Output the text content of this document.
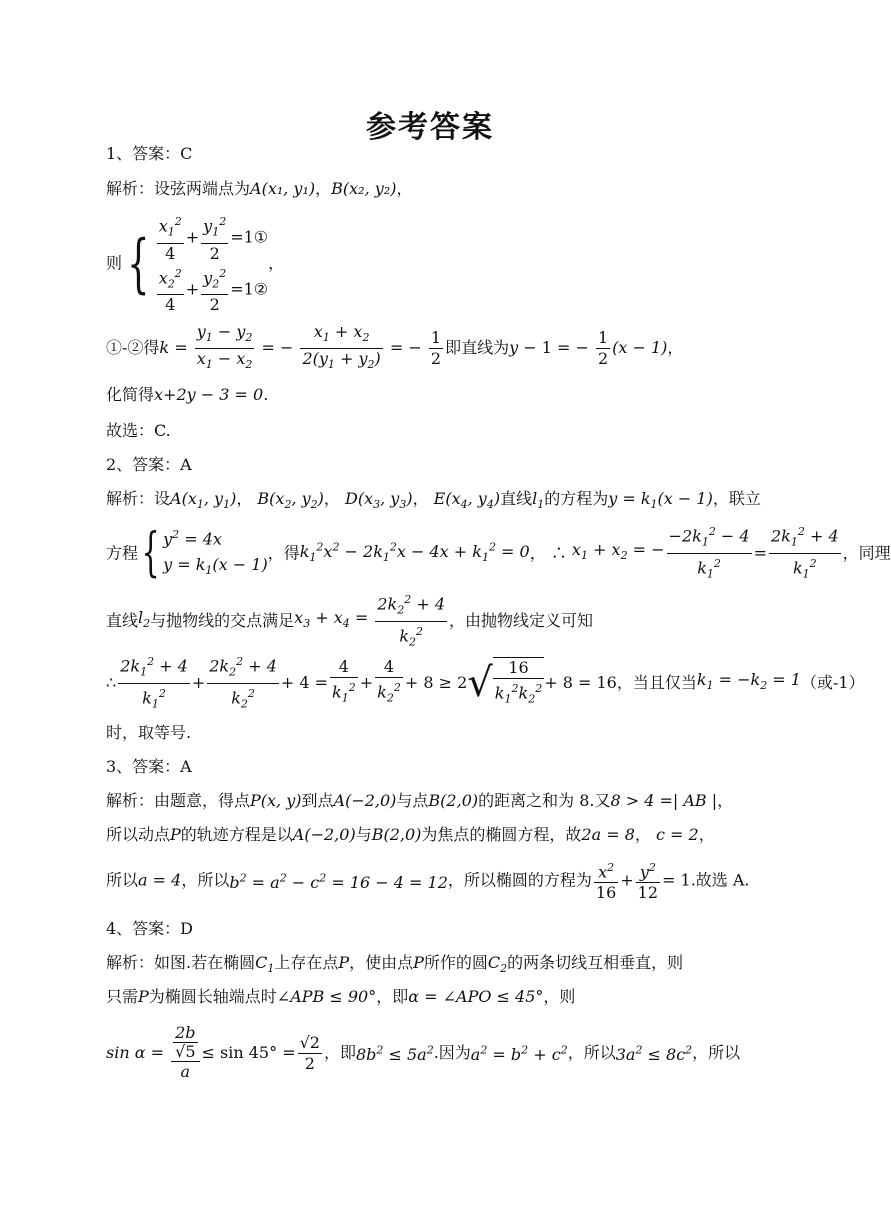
参考答案
1、答案：C
解析：设弦两端点为A(x₁, y₁)，B(x₂, y₂)，
则{ $\frac{x_1^2}{4} + \frac{y_1^2}{2}$ =1①
$\frac{x_2^2}{4} + \frac{y_2^2}{2}$ =1②
，
①-②得$k = \frac{y_1 - y_2}{x_1 - x_2}$ = − $\frac{x_1 + x_2}{2(y_1 + y_2)}$ = − $\frac{1}{2}$ 即直线为y − 1 = − $\frac{1}{2} (x - 1)$，
化简得x+2y − 3 = 0.
故选：C.
2、答案：A
解析：设$A(x_1$, $y_1$)， $B(x_2$, $y_2$)， $D(x_3$, $y_3$)， $E(x_4$, $y_4$)直线$l_1$的方程为$y = k_1(x - 1)$，联立
方程{ $y^2 = 4x$
$y = k_1(x - 1)$
，得$k_1^2x^2 - 2k_1^2x - 4x + k_1^2 = 0$， ∴ $x_1 + x_2$ = − $\frac{-2k_1^2 - 4}{k_1^2} = \frac{2k_1^2 + 4}{k_1^2}$ ，同理
直线$l_2$与抛物线的交点满足$x_3 + x_4 = \frac{2k_2^2 + 4}{k_2^2}$ ，由抛物线定义可知
∴ $\frac{2k_1^2 + 4}{k_1^2} + \frac{2k_2^2 + 4}{k_2^2} + 4 = \frac{4}{k_1^2} + \frac{4}{k_2^2} + 8 \ge 2√ \frac{16}{k_1^2k_2^2} + 8 = 16$，当且仅当$k_1 = -k_2 = 1$（或-1）
时，取等号.
3、答案：A
解析：由题意，得点P(x, y)到点A(−2,0)与点B(2,0)的距离之和为 8.又8 > 4 =| AB |，
所以动点P的轨迹方程是以A(−2,0)与B(2,0)为焦点的椭圆方程，故2a = 8， c = 2，
所以a = 4，所以$b^2 = a^2 - c^2 = 16 - 4 = 12$，所以椭圆的方程为 $\frac{x^2}{16} + \frac{y^2}{12} = 1$.故选 A.
4、答案：D
解析：如图.若在椭圆$C_1$上存在点P，使由点P所作的圆$C_2$的两条切线互相垂直，则
只需P为椭圆长轴端点时∠APB ≤ 90°，即α = ∠APO ≤ 45°，则
$\sin \alpha = \frac{\frac{2b}{√5}}{a} \le \sin 45^\circ = \frac{√2}{2}$ ，即$8b^2 \le 5a^2$.因为$a^2 = b^2 + c^2$，所以$3a^2 \le 8c^2$，所以
